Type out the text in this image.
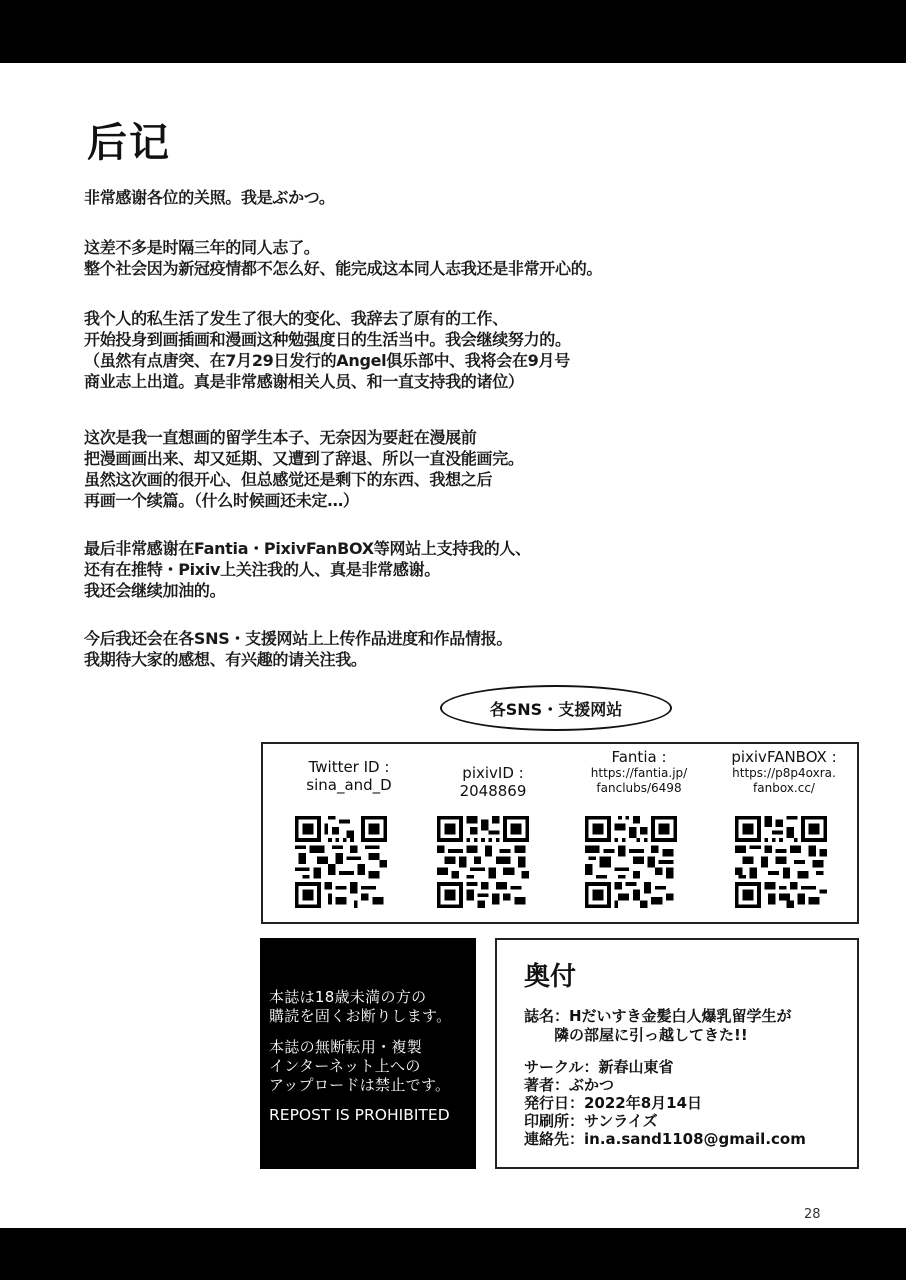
后记
非常感谢各位的关照。我是ぶかつ。
这差不多是时隔三年的同人志了。
整个社会因为新冠疫情都不怎么好、能完成这本同人志我还是非常开心的。
我个人的私生活了发生了很大的变化、我辞去了原有的工作、
开始投身到画插画和漫画这种勉强度日的生活当中。我会继续努力的。
（虽然有点唐突、在7月29日发行的Angel俱乐部中、我将会在9月号
商业志上出道。真是非常感谢相关人员、和一直支持我的诸位）
这次是我一直想画的留学生本子、无奈因为要赶在漫展前
把漫画画出来、却又延期、又遭到了辞退、所以一直没能画完。
虽然这次画的很开心、但总感觉还是剩下的东西、我想之后
再画一个续篇。（什么时候画还未定…）
最后非常感谢在Fantia・PixivFanBOX等网站上支持我的人、
还有在推特・Pixiv上关注我的人、真是非常感谢。
我还会继续加油的。
今后我还会在各SNS・支援网站上上传作品进度和作品情报。
我期待大家的感想、有兴趣的请关注我。
各SNS・支援网站
Twitter ID :
sina_and_D
pixivID :
2048869
Fantia :
https://fantia.jp/
fanclubs/6498
pixivFANBOX :
https://p8p4oxra.
fanbox.cc/
本誌は18歳未満の方の
購読を固くお断りします。
本誌の無断転用・複製
インターネット上への
アップロードは禁止です。
REPOST IS PROHIBITED
奥付
誌名：Hだいすき金髪白人爆乳留学生が
隣の部屋に引っ越してきた!!
サークル：新春山東省
著者：ぶかつ
発行日：2022年8月14日
印刷所：サンライズ
連絡先：in.a.sand1108@gmail.com
28
